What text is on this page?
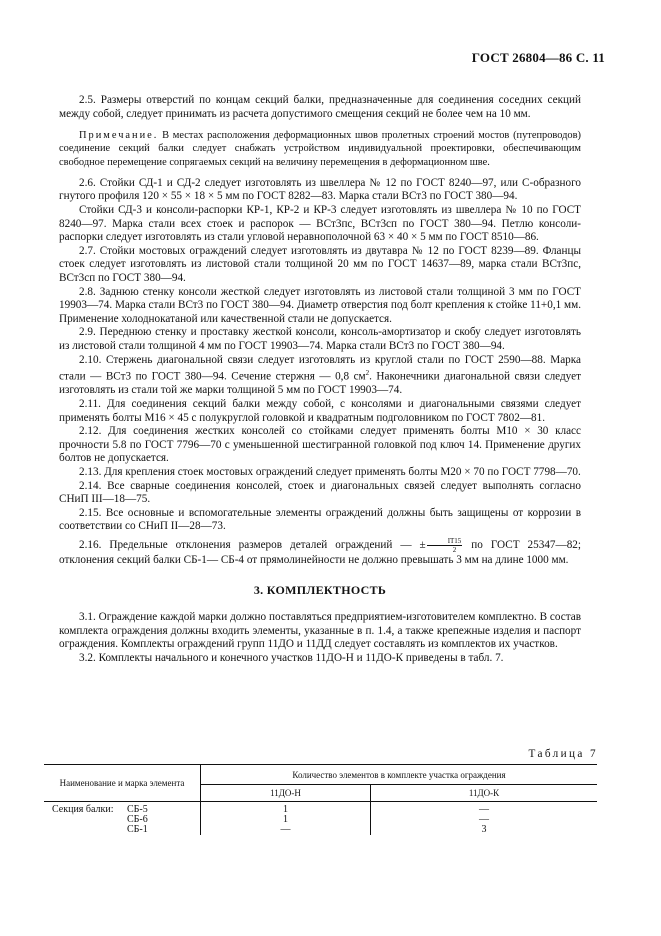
ГОСТ 26804—86 С. 11

2.5. Размеры отверстий по концам секций балки, предназначенные для соединения соседних секций между собой, следует принимать из расчета допустимого смещения секций не более чем на 10 мм.

Примечание. В местах расположения деформационных швов пролетных строений мостов (путепроводов) соединение секций балки следует снабжать устройством индивидуальной проектировки, обеспечивающим свободное перемещение сопрягаемых секций на величину перемещения в деформационном шве.

2.6. Стойки СД-1 и СД-2 следует изготовлять из швеллера № 12 по ГОСТ 8240—97, или С-образного гнутого профиля 120 × 55 × 18 × 5 мм по ГОСТ 8282—83. Марка стали ВСт3 по ГОСТ 380—94.

Стойки СД-3 и консоли-распорки КР-1, КР-2 и КР-3 следует изготовлять из швеллера № 10 по ГОСТ 8240—97. Марка стали всех стоек и распорок — ВСт3пс, ВСт3сп по ГОСТ 380—94. Петлю консоли-распорки следует изготовлять из стали угловой неравнополочной 63 × 40 × 5 мм по ГОСТ 8510—86.

2.7. Стойки мостовых ограждений следует изготовлять из двутавра № 12 по ГОСТ 8239—89. Фланцы стоек следует изготовлять из листовой стали толщиной 20 мм по ГОСТ 14637—89, марка стали ВСт3пс, ВСт3сп по ГОСТ 380—94.

2.8. Заднюю стенку консоли жесткой следует изготовлять из листовой стали толщиной 3 мм по ГОСТ 19903—74. Марка стали ВСт3 по ГОСТ 380—94. Диаметр отверстия под болт крепления к стойке 11+0,1 мм. Применение холоднокатаной или качественной стали не допускается.

2.9. Переднюю стенку и проставку жесткой консоли, консоль-амортизатор и скобу следует изготовлять из листовой стали толщиной 4 мм по ГОСТ 19903—74. Марка стали ВСт3 по ГОСТ 380—94.

2.10. Стержень диагональной связи следует изготовлять из круглой стали по ГОСТ 2590—88. Марка стали — ВСт3 по ГОСТ 380—94. Сечение стержня — 0,8 $см^2$. Наконечники диагональной связи следует изготовлять из стали той же марки толщиной 5 мм по ГОСТ 19903—74.

2.11. Для соединения секций балки между собой, с консолями и диагональными связями следует применять болты М16 × 45 с полукруглой головкой и квадратным подголовником по ГОСТ 7802—81.

2.12. Для соединения жестких консолей со стойками следует применять болты М10 × 30 класс прочности 5.8 по ГОСТ 7796—70 с уменьшенной шестигранной головкой под ключ 14. Применение других болтов не допускается.

2.13. Для крепления стоек мостовых ограждений следует применять болты М20 × 70 по ГОСТ 7798—70.

2.14. Все сварные соединения консолей, стоек и диагональных связей следует выполнять согласно СНиП III—18—75.

2.15. Все основные и вспомогательные элементы ограждений должны быть защищены от коррозии в соответствии со СНиП II—28—73.

2.16. Предельные отклонения размеров деталей ограждений — ± $\frac{IT15}{2}$ по ГОСТ 25347—82; отклонения секций балки СБ-1— СБ-4 от прямолинейности не должно превышать 3 мм на длине 1000 мм.

3. КОМПЛЕКТНОСТЬ

3.1. Ограждение каждой марки должно поставляться предприятием-изготовителем комплектно. В состав комплекта ограждения должны входить элементы, указанные в п. 1.4, а также крепежные изделия и паспорт ограждения. Комплекты ограждений групп 11ДО и 11ДД следует составлять из комплектов их участков.

3.2. Комплекты начального и конечного участков 11ДО-Н и 11ДО-К приведены в табл. 7.

Таблица 7
Наименование и марка элемента	Количество элементов в комплекте участка ограждения	
	11ДО-Н	11ДО-К
Секция балки: СБ-5	1	—
СБ-6	1	—
СБ-1	—	3
